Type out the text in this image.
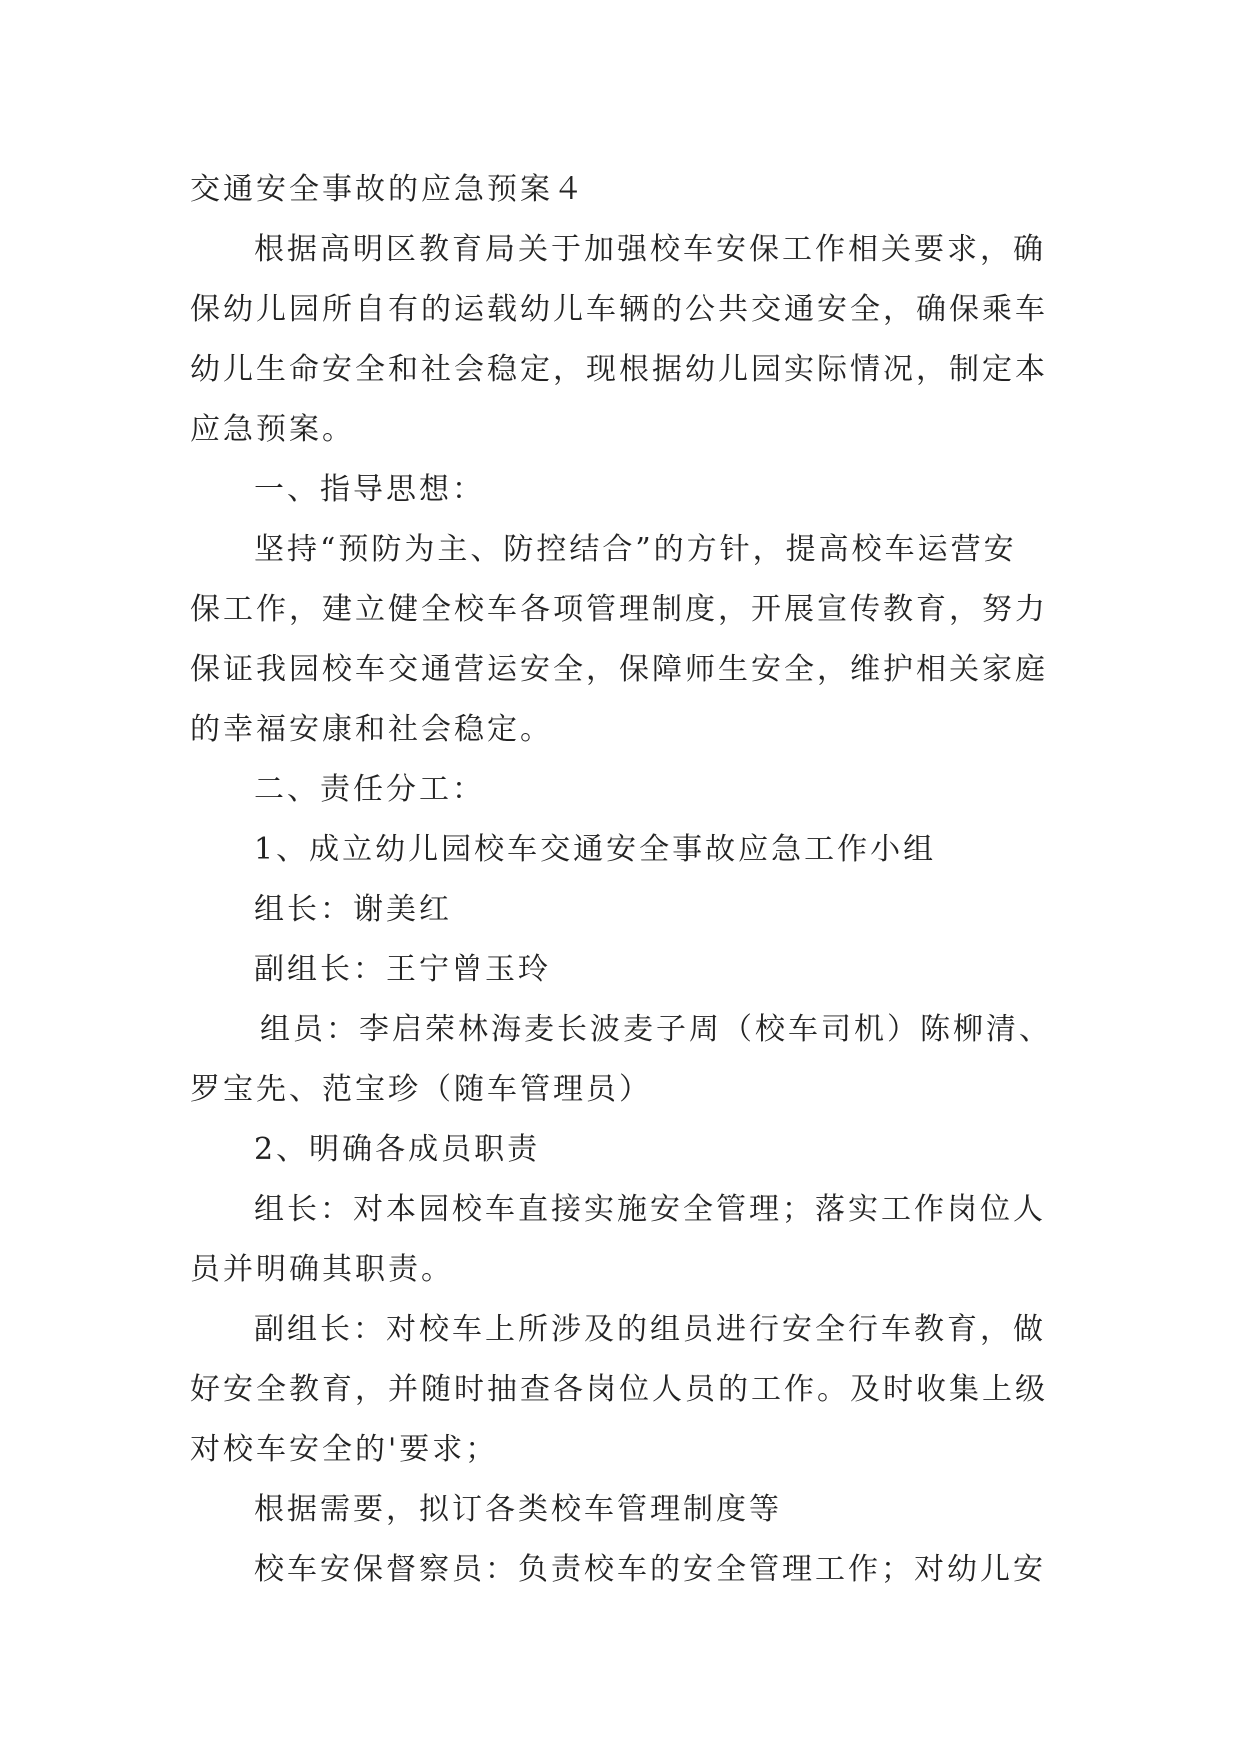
交通安全事故的应急预案４
根据高明区教育局关于加强校车安保工作相关要求，确
保幼儿园所自有的运载幼儿车辆的公共交通安全，确保乘车
幼儿生命安全和社会稳定，现根据幼儿园实际情况，制定本
应急预案。
一、指导思想：
坚持“预防为主、防控结合”的方针，提高校车运营安
保工作，建立健全校车各项管理制度，开展宣传教育，努力
保证我园校车交通营运安全，保障师生安全，维护相关家庭
的幸福安康和社会稳定。
二、责任分工：
1、成立幼儿园校车交通安全事故应急工作小组
组长：谢美红
副组长：王宁曾玉玲
组员：李启荣林海麦长波麦子周（校车司机）陈柳清、
罗宝先、范宝珍（随车管理员）
2、明确各成员职责
组长：对本园校车直接实施安全管理；落实工作岗位人
员并明确其职责。
副组长：对校车上所涉及的组员进行安全行车教育，做
好安全教育，并随时抽查各岗位人员的工作。及时收集上级
对校车安全的'要求；
根据需要，拟订各类校车管理制度等
校车安保督察员：负责校车的安全管理工作；对幼儿安
